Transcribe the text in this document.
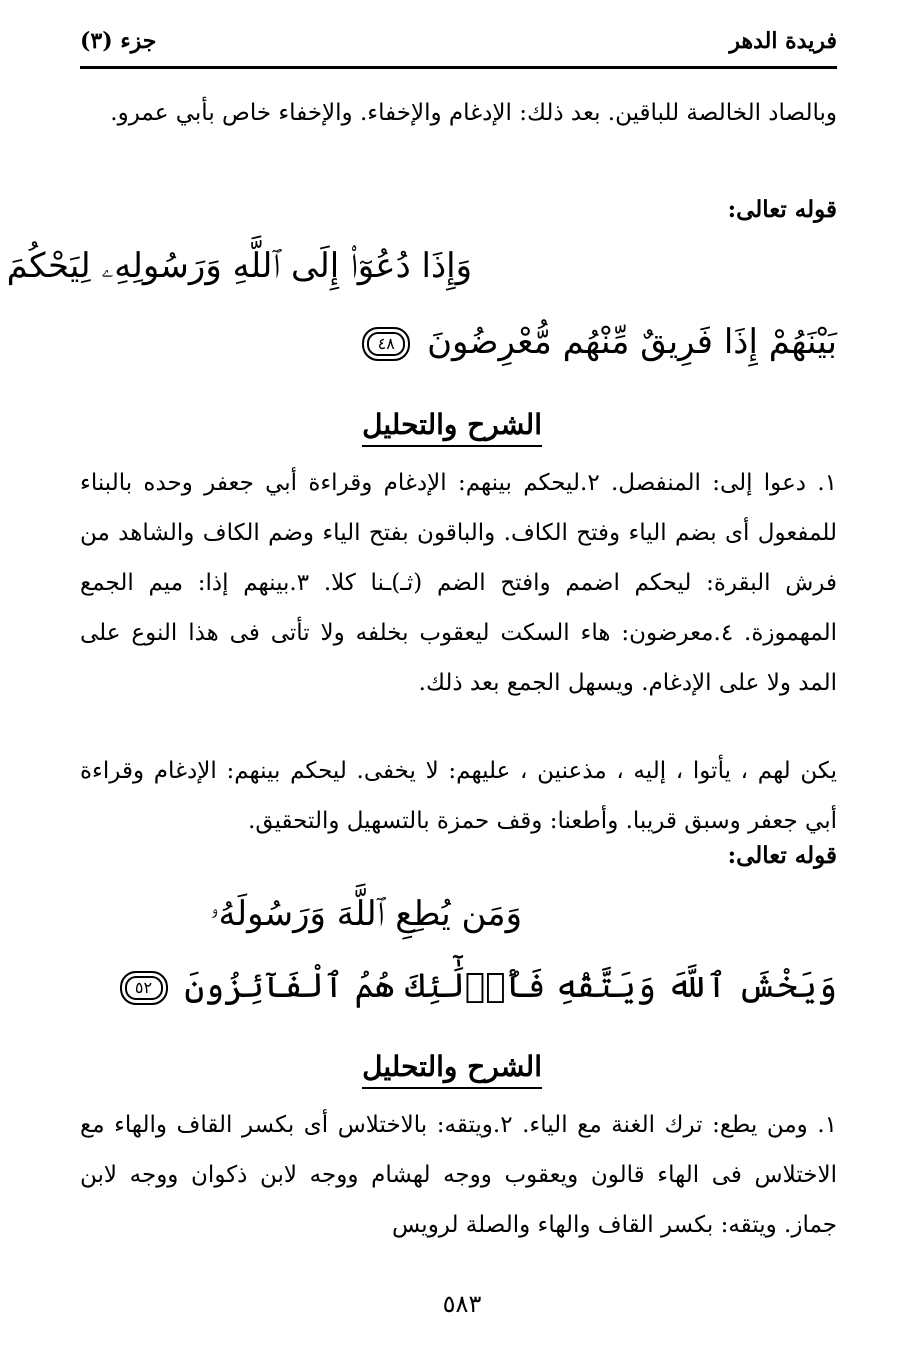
فريدة الدهر
جزء (٣)
وبالصاد الخالصة للباقين. بعد ذلك: الإدغام والإخفاء. والإخفاء خاص بأبي عمرو.
قوله تعالى:
وَإِذَا دُعُوٓا۟ إِلَى ٱللَّهِ وَرَسُولِهِۦ لِيَحْكُمَ
بَيْنَهُمْ إِذَا فَرِيقٌ مِّنْهُم مُّعْرِضُونَ ٤٨
الشرح والتحليل
١. دعوا إلى: المنفصل. ٢.ليحكم بينهم: الإدغام وقراءة أبي جعفر وحده بالبناء للمفعول أى بضم الياء وفتح الكاف. والباقون بفتح الياء وضم الكاف والشاهد من فرش البقرة: ليحكم اضمم وافتح الضم (ثـ)ـنا كلا. ٣.بينهم إذا: ميم الجمع المهموزة. ٤.معرضون: هاء السكت ليعقوب بخلفه ولا تأتى فى هذا النوع على المد ولا على الإدغام. ويسهل الجمع بعد ذلك.
يكن لهم ، يأتوا ، إليه ، مذعنين ، عليهم: لا يخفى. ليحكم بينهم: الإدغام وقراءة أبي جعفر وسبق قريبا. وأطعنا: وقف حمزة بالتسهيل والتحقيق.
قوله تعالى:
وَمَن يُطِعِ ٱللَّهَ وَرَسُولَهُۥ
وَيَخْشَ ٱللَّهَ وَيَتَّقْهِ فَأُو۟لَٰٓئِكَ هُمُ ٱلْفَآئِزُونَ ٥٢
الشرح والتحليل
١. ومن يطع: ترك الغنة مع الياء. ٢.ويتقه: بالاختلاس أى بكسر القاف والهاء مع الاختلاس فى الهاء قالون ويعقوب ووجه لهشام ووجه لابن ذكوان ووجه لابن جماز. ويتقه: بكسر القاف والهاء والصلة لرويس
٥٨٣
